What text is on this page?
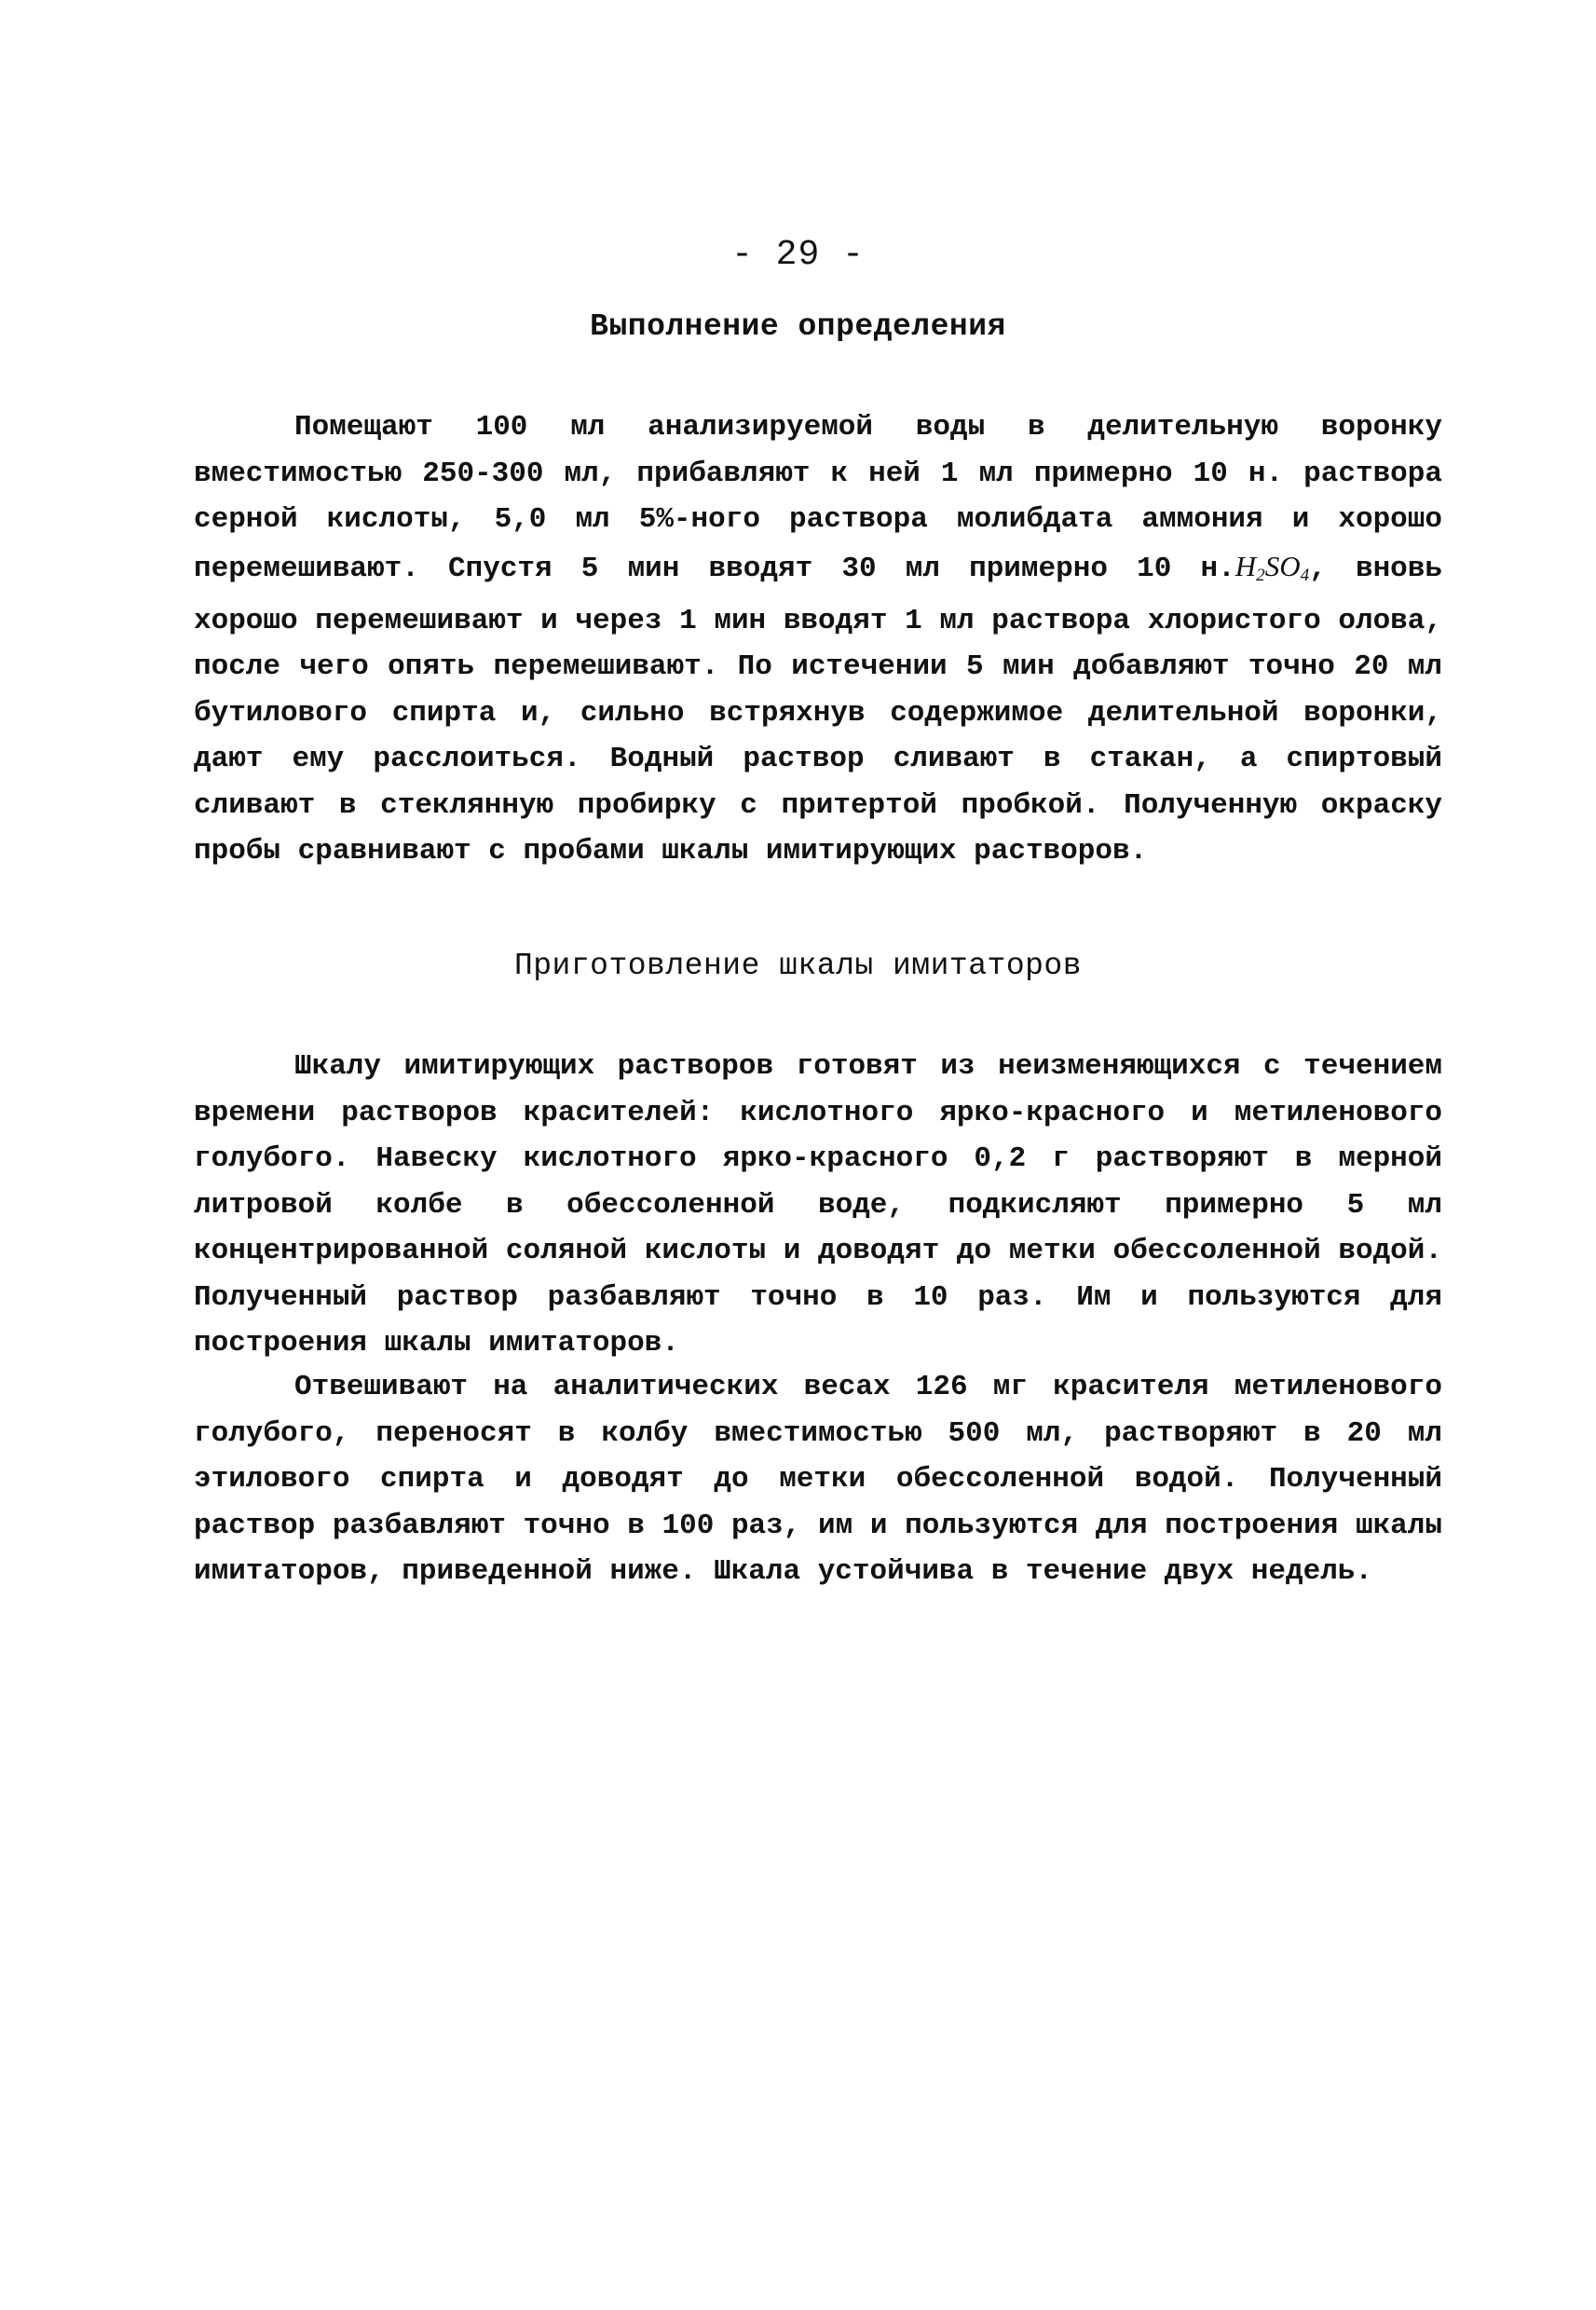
- 29 -
Выполнение определения

Помещают 100 мл анализируемой воды в делительную воронку вместимостью 250-300 мл, прибавляют к ней 1 мл примерно 10 н. раствора серной кислоты, 5,0 мл 5%-ного раствора молибдата аммония и хорошо перемешивают. Спустя 5 мин вводят 30 мл примерно 10 $н.H_2SO_4$, вновь хорошо перемешивают и через 1 мин вводят 1 мл раствора хлористого олова, после чего опять перемешивают. По истечении 5 мин добавляют точно 20 мл бутилового спирта и, сильно встряхнув содержимое делительной воронки, дают ему расслоиться. Водный раствор сливают в стакан, а спиртовый сливают в стеклянную пробирку с притертой пробкой. Полученную окраску пробы сравнивают с пробами шкалы имитирующих растворов.

Приготовление шкалы имитаторов

Шкалу имитирующих растворов готовят из неизменяющихся с течением времени растворов красителей: кислотного ярко-красного и метиленового голубого. Навеску кислотного ярко-красного 0,2 г растворяют в мерной литровой колбе в обессоленной воде, подкисляют примерно 5 мл концентрированной соляной кислоты и доводят до метки обессоленной водой. Полученный раствор разбавляют точно в 10 раз. Им и пользуются для построения шкалы имитаторов.

Отвешивают на аналитических весах 126 мг красителя метиленового голубого, переносят в колбу вместимостью 500 мл, растворяют в 20 мл этилового спирта и доводят до метки обессоленной водой. Полученный раствор разбавляют точно в 100 раз, им и пользуются для построения шкалы имитаторов, приведенной ниже. Шкала устойчива в течение двух недель.
